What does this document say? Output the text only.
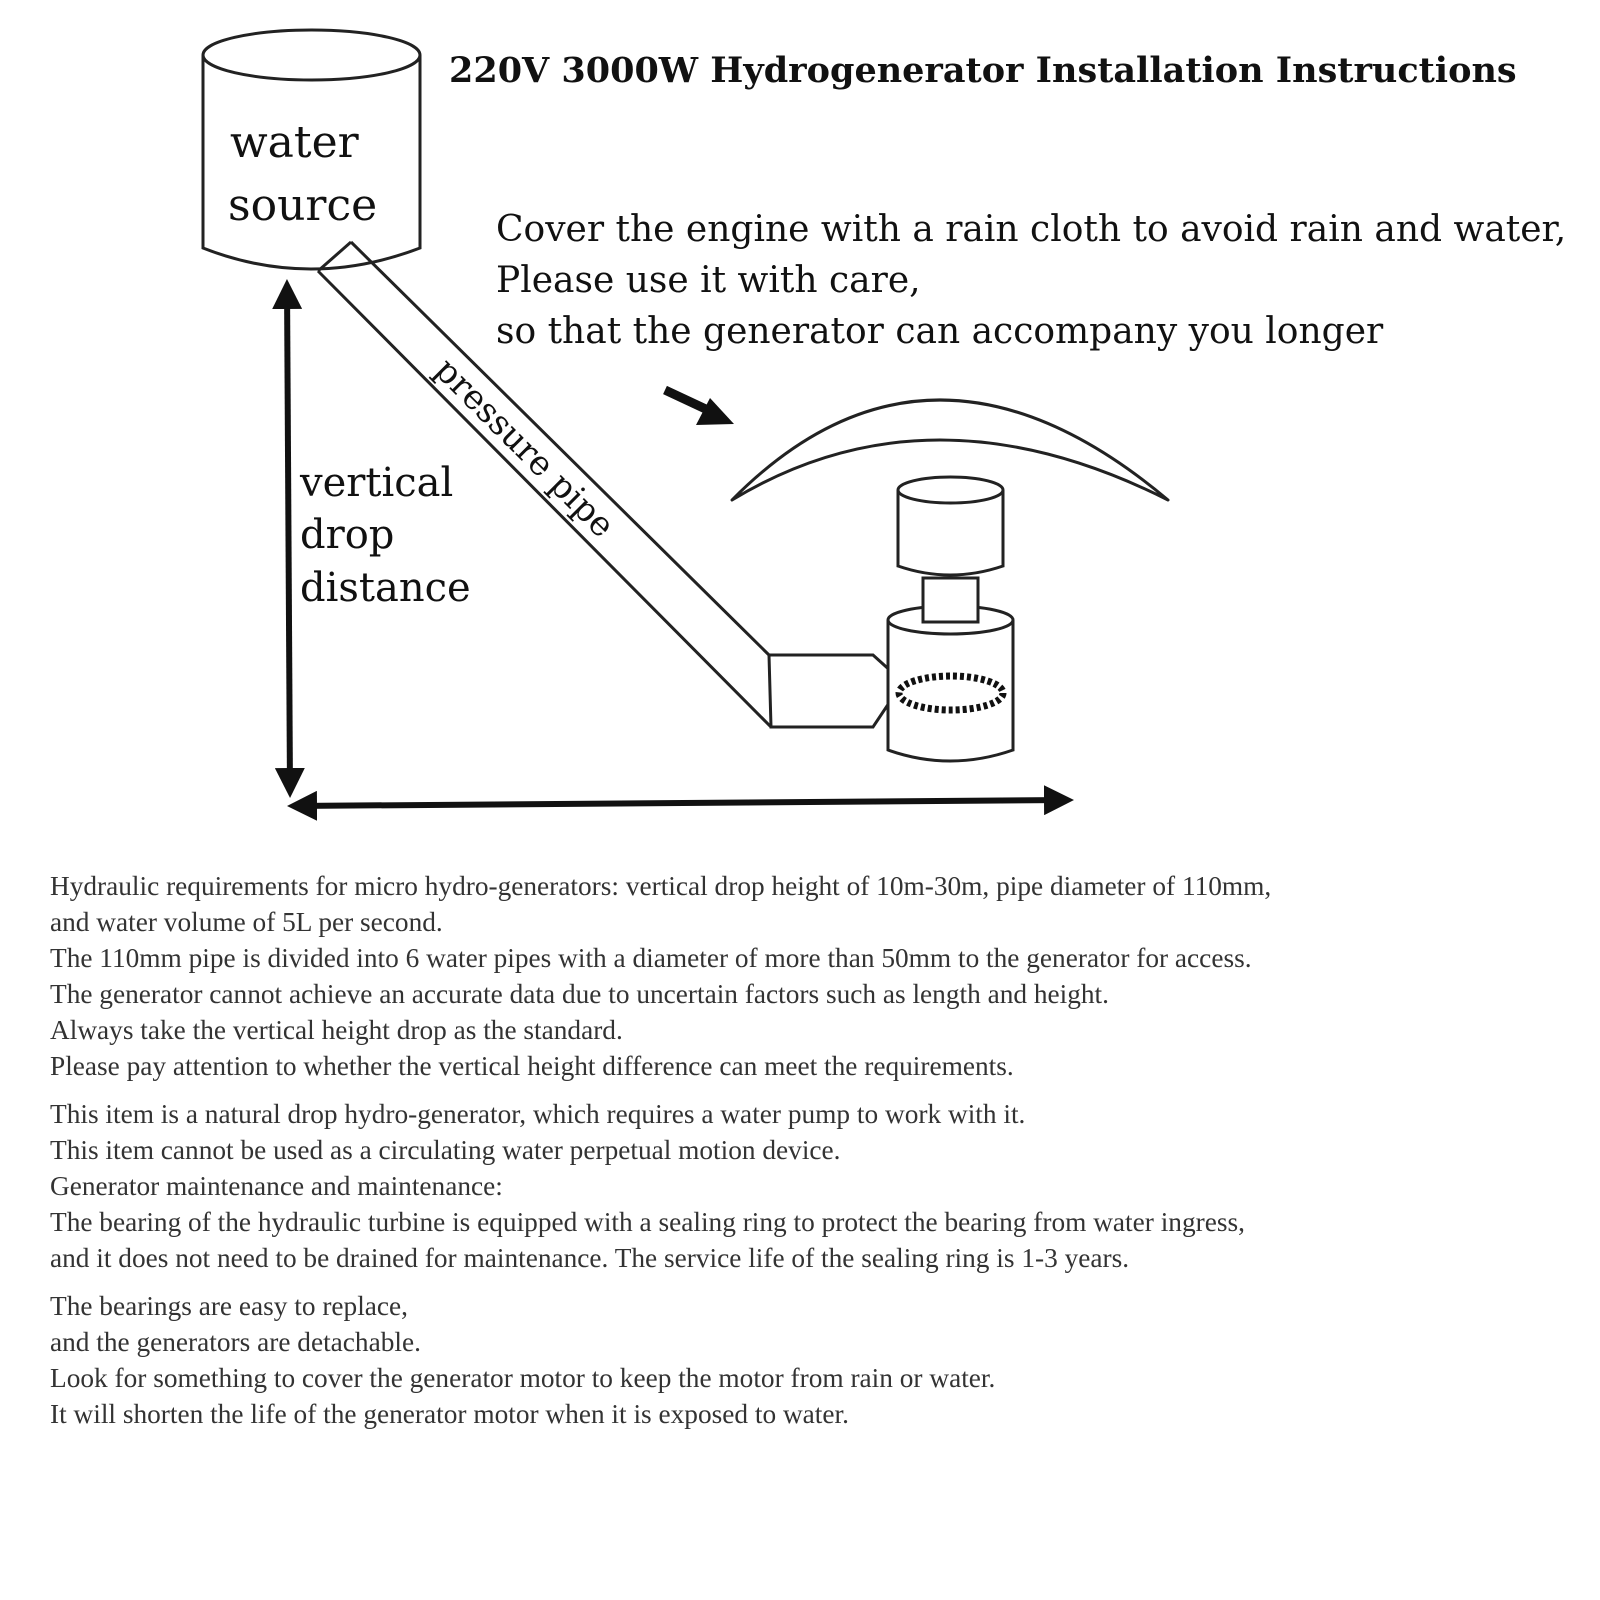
220V 3000W Hydrogenerator Installation Instructions
water source
pressure pipe
Cover the engine with a rain cloth to avoid rain and water, Please use it with care, so that the generator can accompany you longer
vertical drop distance
Hydraulic requirements for micro hydro-generators: vertical drop height of 10m-30m, pipe diameter of 110mm,
and water volume of 5L per second.
The 110mm pipe is divided into 6 water pipes with a diameter of more than 50mm to the generator for access.
The generator cannot achieve an accurate data due to uncertain factors such as length and height.
Always take the vertical height drop as the standard.
Please pay attention to whether the vertical height difference can meet the requirements.
This item is a natural drop hydro-generator, which requires a water pump to work with it.
This item cannot be used as a circulating water perpetual motion device.
Generator maintenance and maintenance:
The bearing of the hydraulic turbine is equipped with a sealing ring to protect the bearing from water ingress,
and it does not need to be drained for maintenance. The service life of the sealing ring is 1-3 years.
The bearings are easy to replace,
and the generators are detachable.
Look for something to cover the generator motor to keep the motor from rain or water.
It will shorten the life of the generator motor when it is exposed to water.
